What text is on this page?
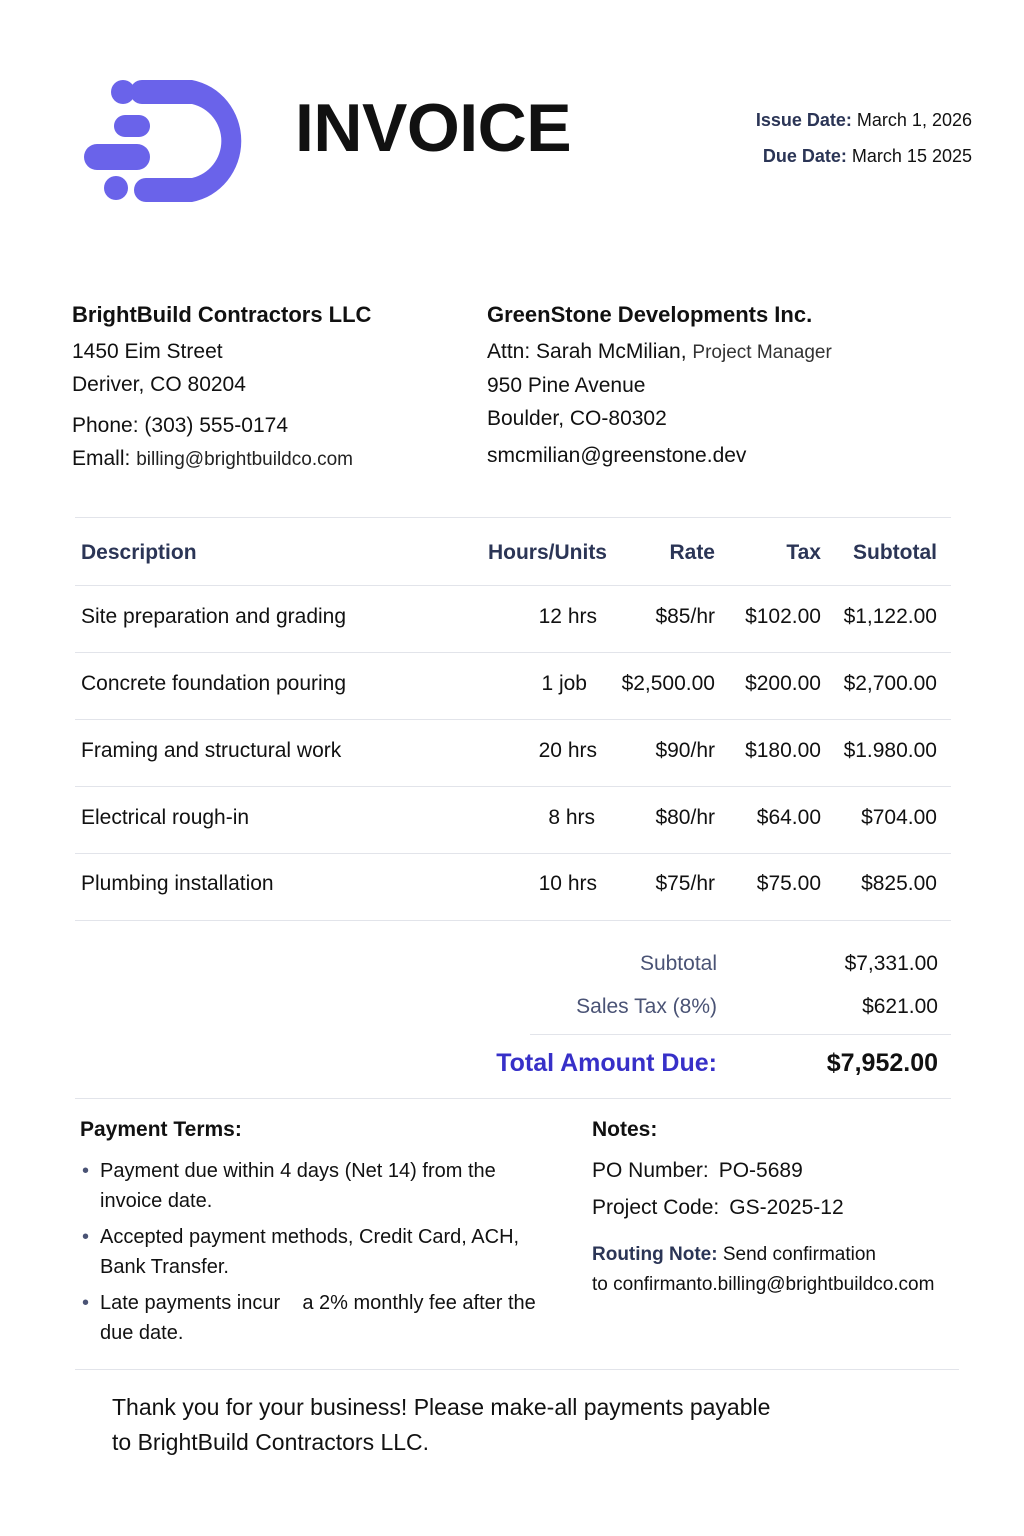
INVOICE	Issue Date: March 1, 2026
Due Date: March 15 2025
BrightBuild Contractors LLC
1450 Eim Street
Deriver, CO 80204
Phone: (303) 555-0174
Emall: billing@brightbuildco.com
GreenStone Developments Inc.
Attn: Sarah McMilian, Project Manager
950 Pine Avenue
Boulder, CO-80302
smcmilian@greenstone.dev
Description	Hours/Units	Rate	Tax Subtotal
Site preparation and grading	12 hrs	$85/hr $102.00 $1,122.00
Concrete foundation pouring	1 job $2,500.00 $200.00 $2,700.00
Framing and structural work	20 hrs	$90/hr $180.00 $1.980.00
Electrical rough-in	8 hrs	$80/hr $64.00 $704.00
Plumbing installation	10 hrs	$75/hr $75.00 $825.00
Subtotal	$7,331.00
Sales Tax (8%)	$621.00
Total Amount Due:	$7,952.00
Payment Terms:
• Payment due within 4 days (Net 14) from the invoice date.
• Accepted payment methods, Credit Card, ACH, Bank Transfer.
• Late payments incur    a 2% monthly fee after the due date.
Notes:
PO Number: PO-5689
Project Code: GS-2025-12
Routing Note: Send confirmation
to confirmanto.billing@brightbuildco.com
Thank you for your business! Please make-all payments payable
to BrightBuild Contractors LLC.
